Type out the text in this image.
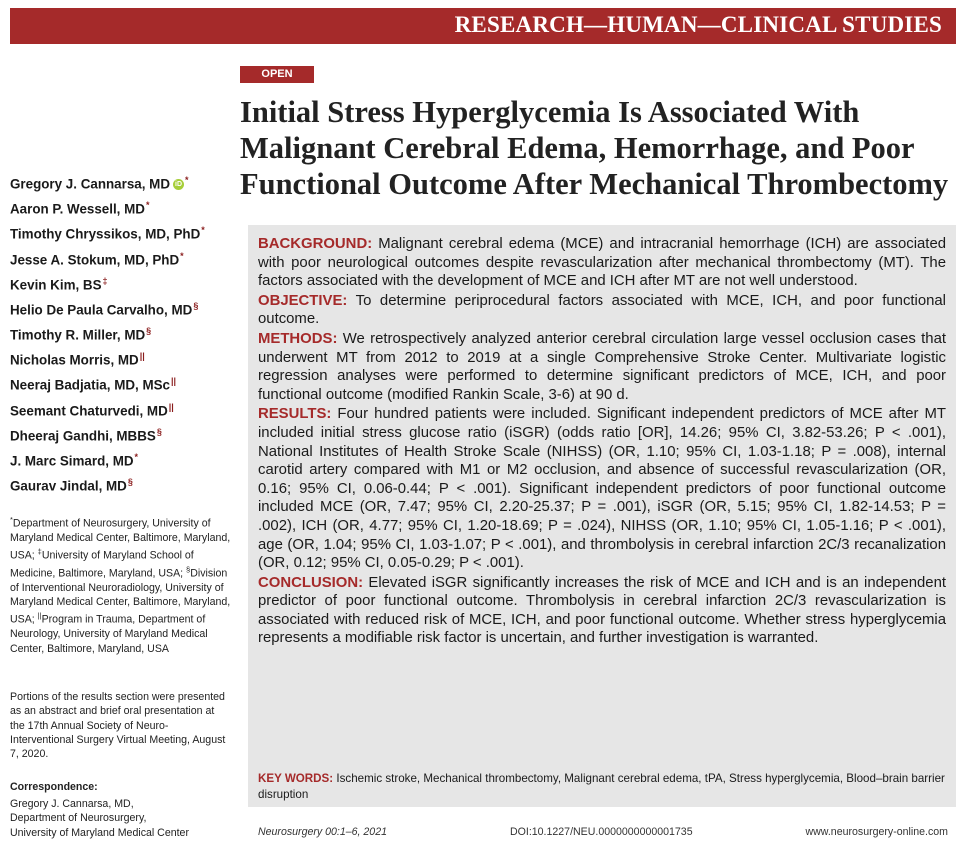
RESEARCH—HUMAN—CLINICAL STUDIES
OPEN
Initial Stress Hyperglycemia Is Associated With
Malignant Cerebral Edema, Hemorrhage, and Poor
Functional Outcome After Mechanical Thrombectomy
Gregory J. Cannarsa, MD iD *
Aaron P. Wessell, MD*
Timothy Chryssikos, MD, PhD*
Jesse A. Stokum, MD, PhD*
Kevin Kim, BS‡
Helio De Paula Carvalho, MD§
Timothy R. Miller, MD§
Nicholas Morris, MD||
Neeraj Badjatia, MD, MSc||
Seemant Chaturvedi, MD||
Dheeraj Gandhi, MBBS§
J. Marc Simard, MD*
Gaurav Jindal, MD§
*Department of Neurosurgery, University of Maryland Medical Center, Baltimore, Maryland, USA; ‡University of Maryland School of Medicine, Baltimore, Maryland, USA; §Division of Interventional Neuroradiology, University of Maryland Medical Center, Baltimore, Maryland, USA; ||Program in Trauma, Department of Neurology, University of Maryland Medical Center, Baltimore, Maryland, USA
Portions of the results section were presented as an abstract and brief oral presentation at the 17th Annual Society of Neuro-Interventional Surgery Virtual Meeting, August 7, 2020.
Correspondence:
Gregory J. Cannarsa, MD,
Department of Neurosurgery,
University of Maryland Medical Center

BACKGROUND: Malignant cerebral edema (MCE) and intracranial hemorrhage (ICH) are associated with poor neurological outcomes despite revascularization after mechanical thrombectomy (MT). The factors associated with the development of MCE and ICH after MT are not well understood.

OBJECTIVE: To determine periprocedural factors associated with MCE, ICH, and poor functional outcome.

METHODS: We retrospectively analyzed anterior cerebral circulation large vessel occlusion cases that underwent MT from 2012 to 2019 at a single Comprehensive Stroke Center. Multivariate logistic regression analyses were performed to determine significant predictors of MCE, ICH, and poor functional outcome (modified Rankin Scale, 3-6) at 90 d.

RESULTS: Four hundred patients were included. Significant independent predictors of MCE after MT included initial stress glucose ratio (iSGR) (odds ratio [OR], 14.26; 95% CI, 3.82-53.26; P < .001), National Institutes of Health Stroke Scale (NIHSS) (OR, 1.10; 95% CI, 1.03-1.18; P = .008), internal carotid artery compared with M1 or M2 occlusion, and absence of successful revascularization (OR, 0.16; 95% CI, 0.06-0.44; P < .001). Significant independent predictors of poor functional outcome included MCE (OR, 7.47; 95% CI, 2.20-25.37; P = .001), iSGR (OR, 5.15; 95% CI, 1.82-14.53; P = .002), ICH (OR, 4.77; 95% CI, 1.20-18.69; P = .024), NIHSS (OR, 1.10; 95% CI, 1.05-1.16; P < .001), age (OR, 1.04; 95% CI, 1.03-1.07; P < .001), and thrombolysis in cerebral infarction 2C/3 recanalization (OR, 0.12; 95% CI, 0.05-0.29; P < .001).

CONCLUSION: Elevated iSGR significantly increases the risk of MCE and ICH and is an independent predictor of poor functional outcome. Thrombolysis in cerebral infarction 2C/3 revascularization is associated with reduced risk of MCE, ICH, and poor functional outcome. Whether stress hyperglycemia represents a modifiable risk factor is uncertain, and further investigation is warranted.

KEY WORDS: Ischemic stroke, Mechanical thrombectomy, Malignant cerebral edema, tPA, Stress hyperglycemia, Blood–brain barrier disruption
Neurosurgery 00:1–6, 2021	DOI:10.1227/NEU.0000000000001735	www.neurosurgery-online.com
